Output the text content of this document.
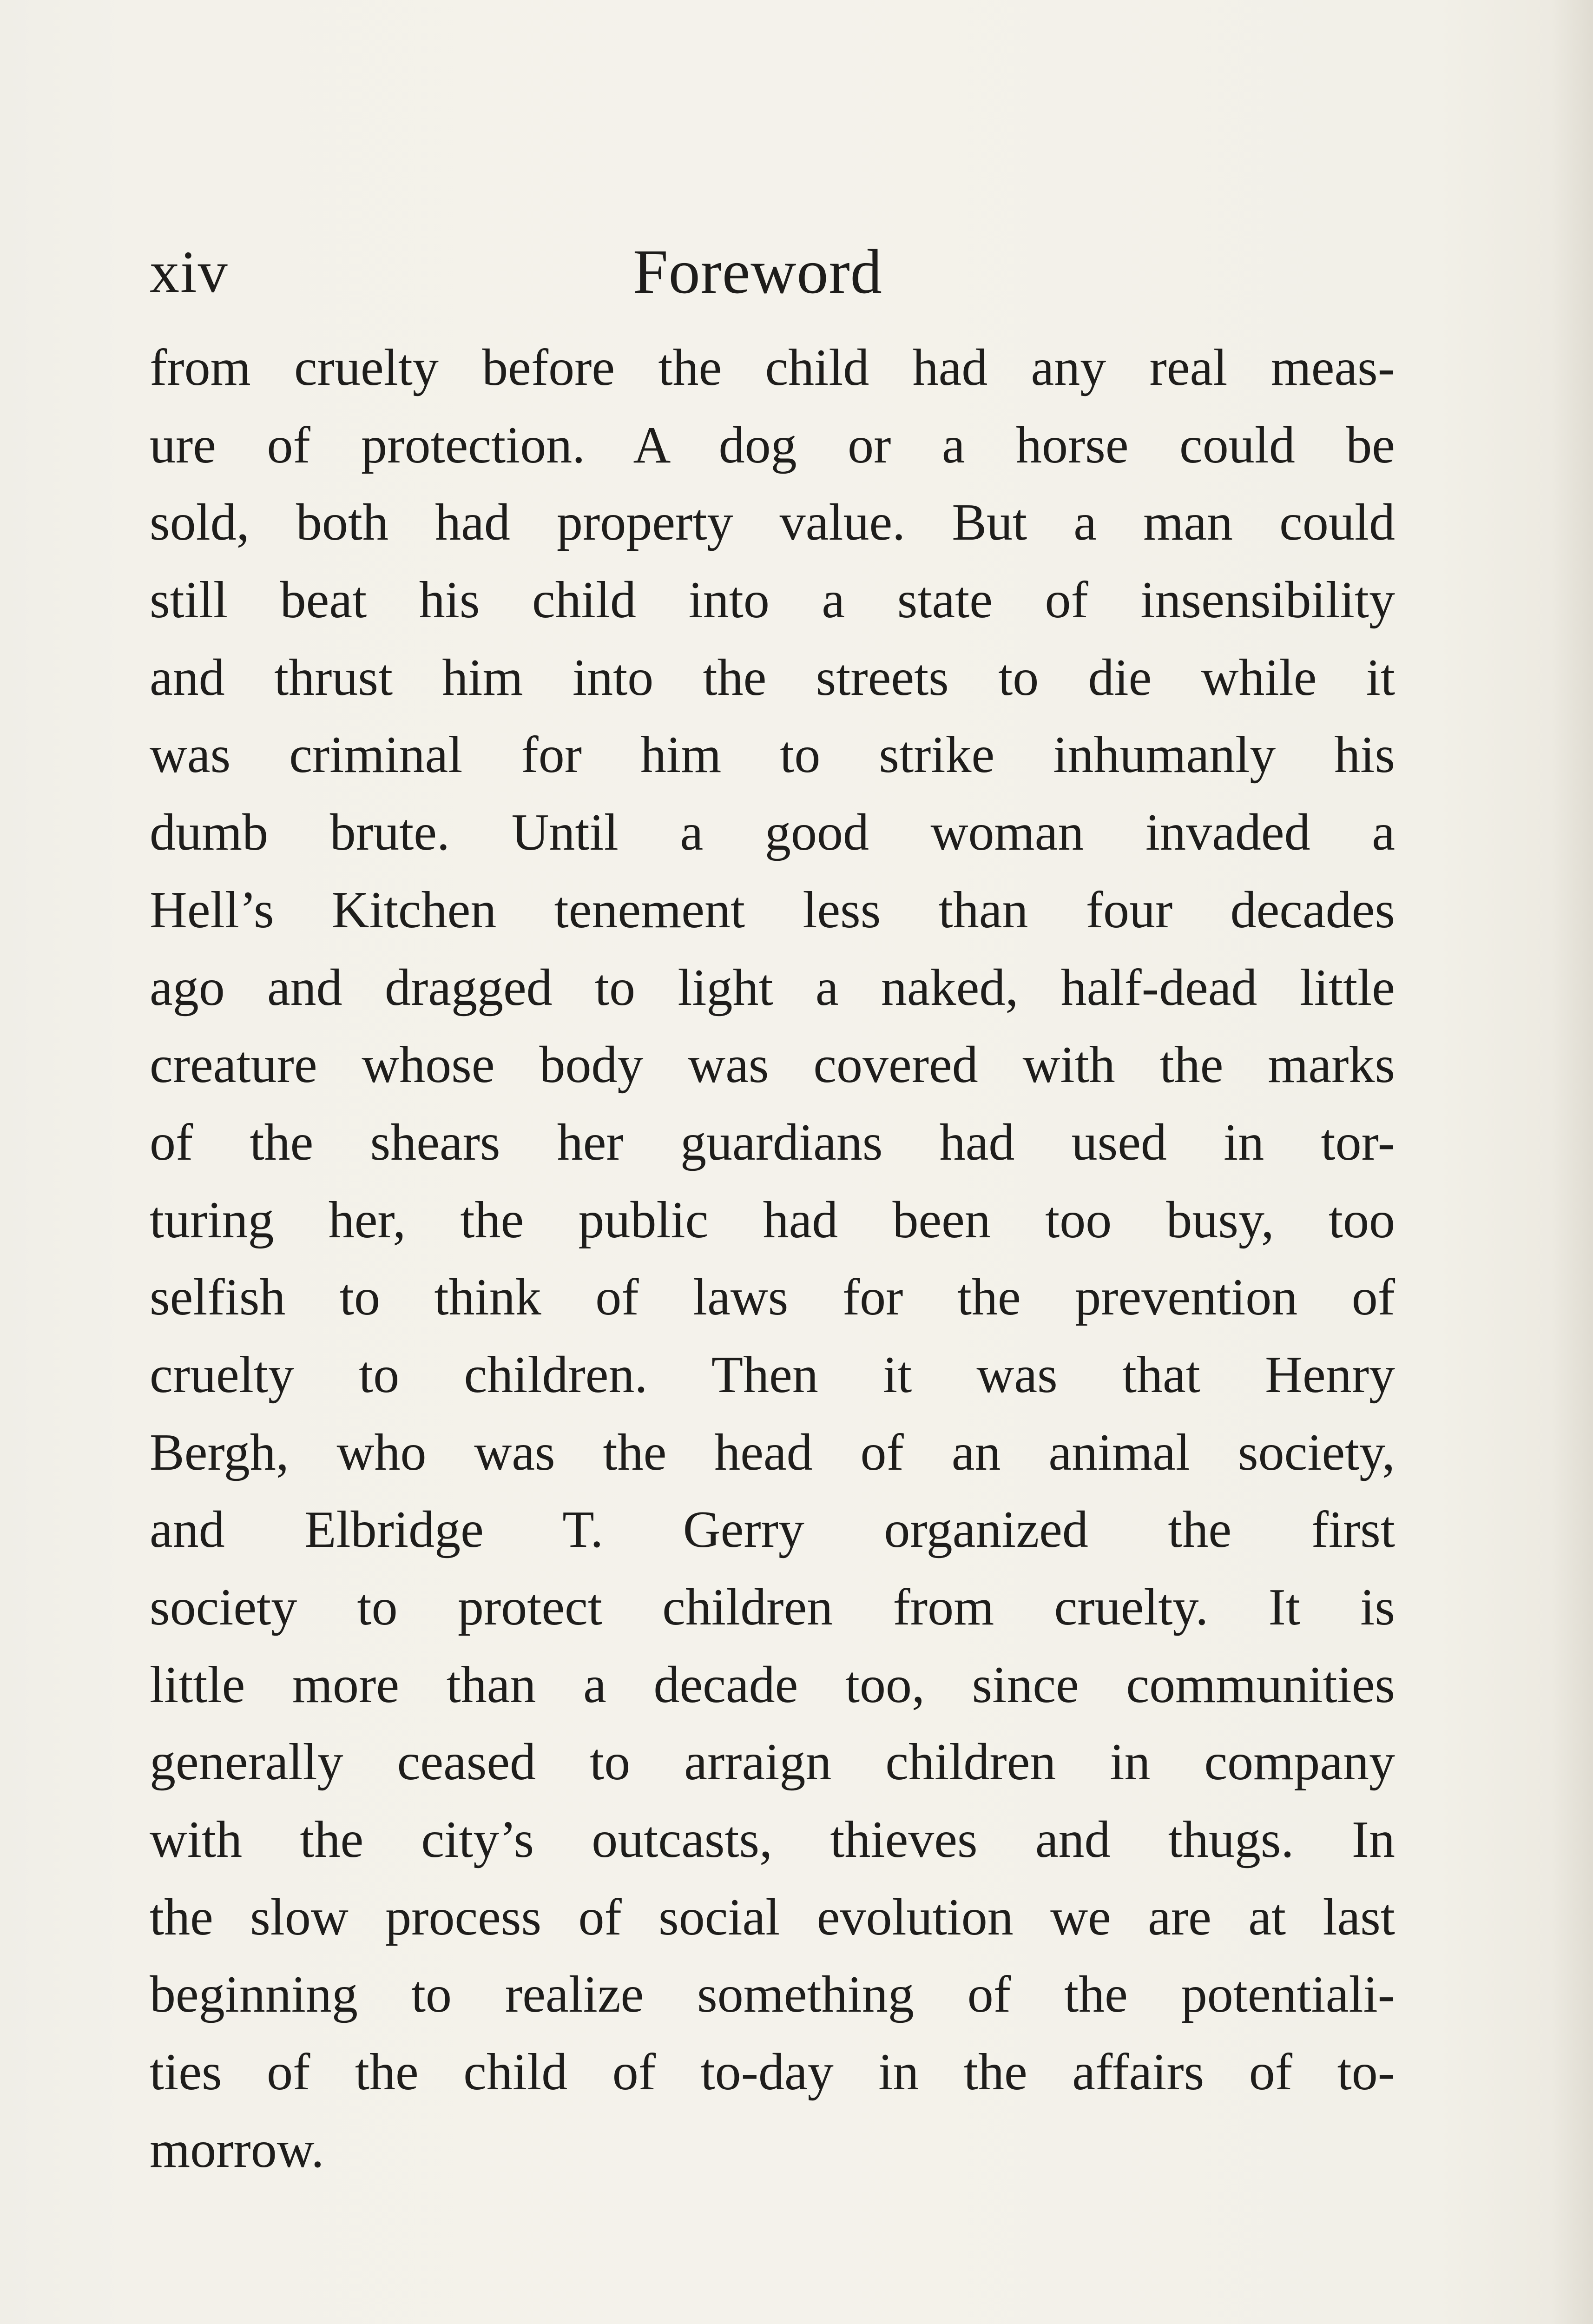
xiv	Foreword
from cruelty before the child had any real meas-
ure of protection. A dog or a horse could be
sold, both had property value. But a man could
still beat his child into a state of insensibility
and thrust him into the streets to die while it
was criminal for him to strike inhumanly his
dumb brute. Until a good woman invaded a
Hell’s Kitchen tenement less than four decades
ago and dragged to light a naked, half-dead little
creature whose body was covered with the marks
of the shears her guardians had used in tor-
turing her, the public had been too busy, too
selfish to think of laws for the prevention of
cruelty to children. Then it was that Henry
Bergh, who was the head of an animal society,
and Elbridge T. Gerry organized the first
society to protect children from cruelty. It is
little more than a decade too, since communities
generally ceased to arraign children in company
with the city’s outcasts, thieves and thugs. In
the slow process of social evolution we are at last
beginning to realize something of the potentiali-
ties of the child of to-day in the affairs of to-
morrow.
